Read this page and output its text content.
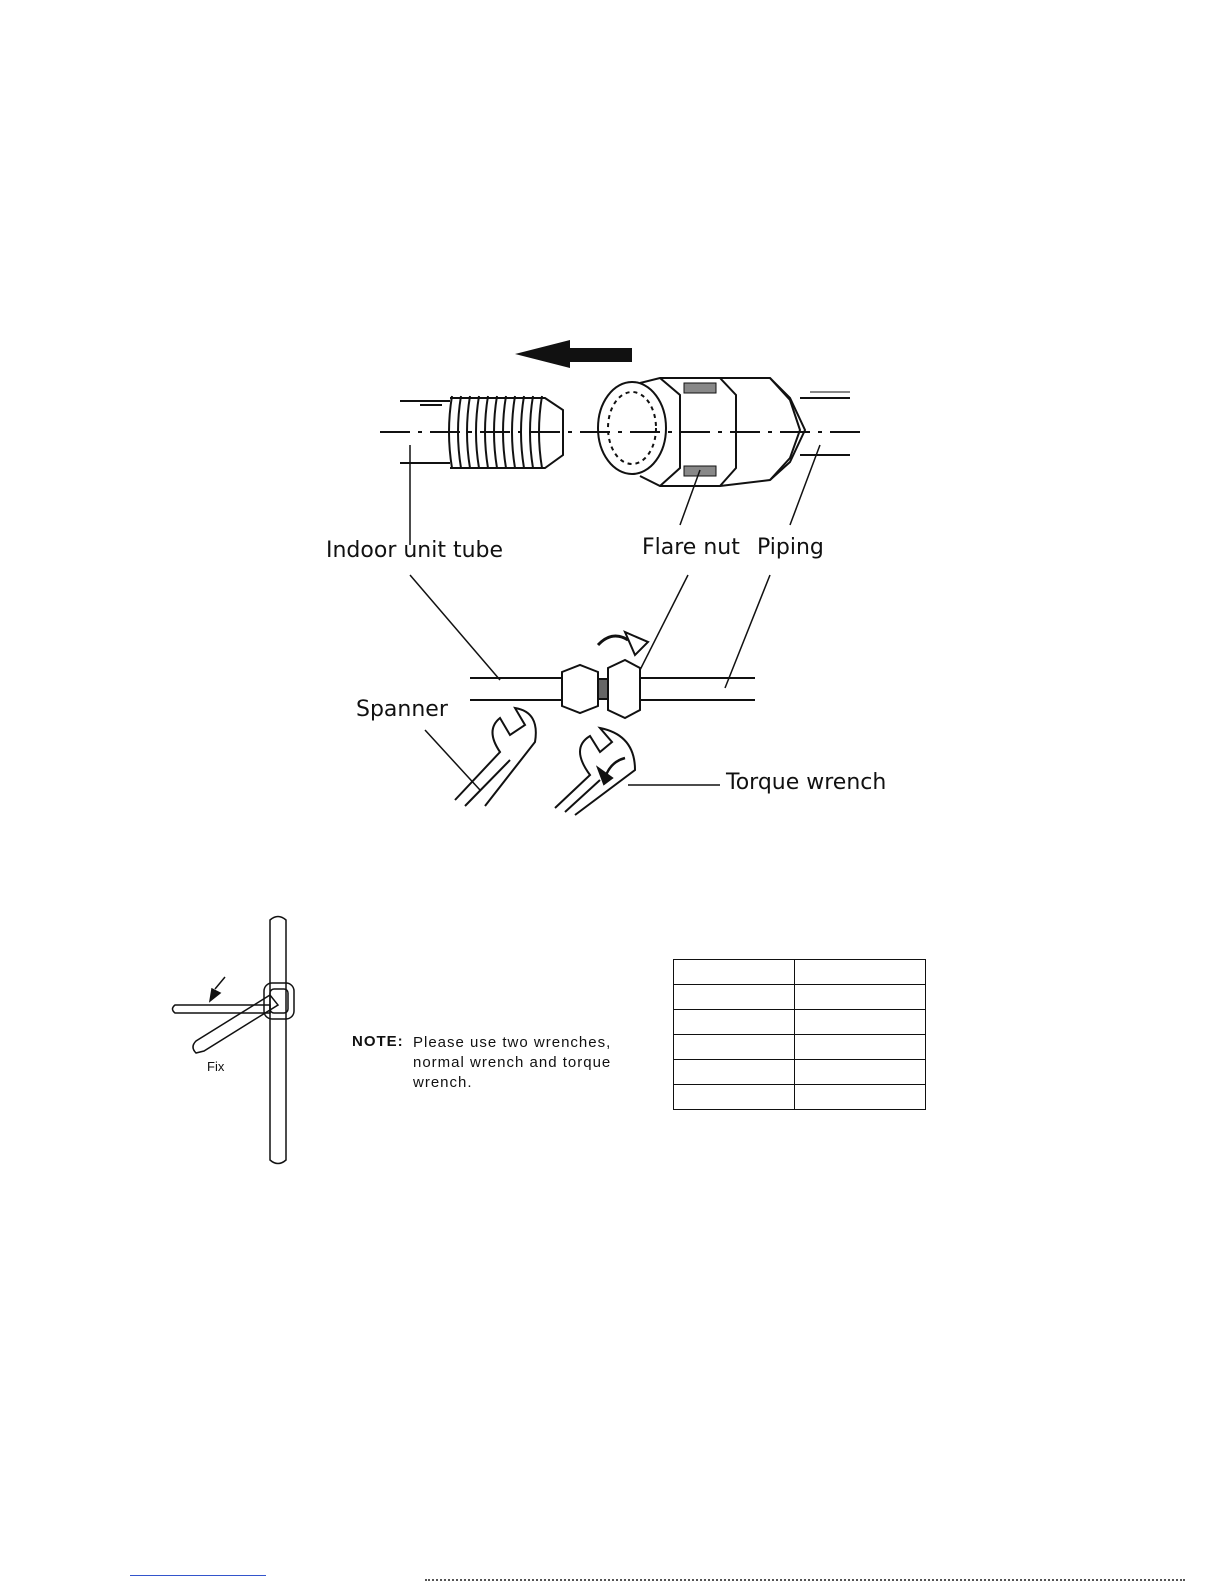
Indoor unit tube	Flare nut Piping
Spanner
Torque wrench
Fix
NOTE: Please use two wrenches,
normal wrench and torque
wrench.
